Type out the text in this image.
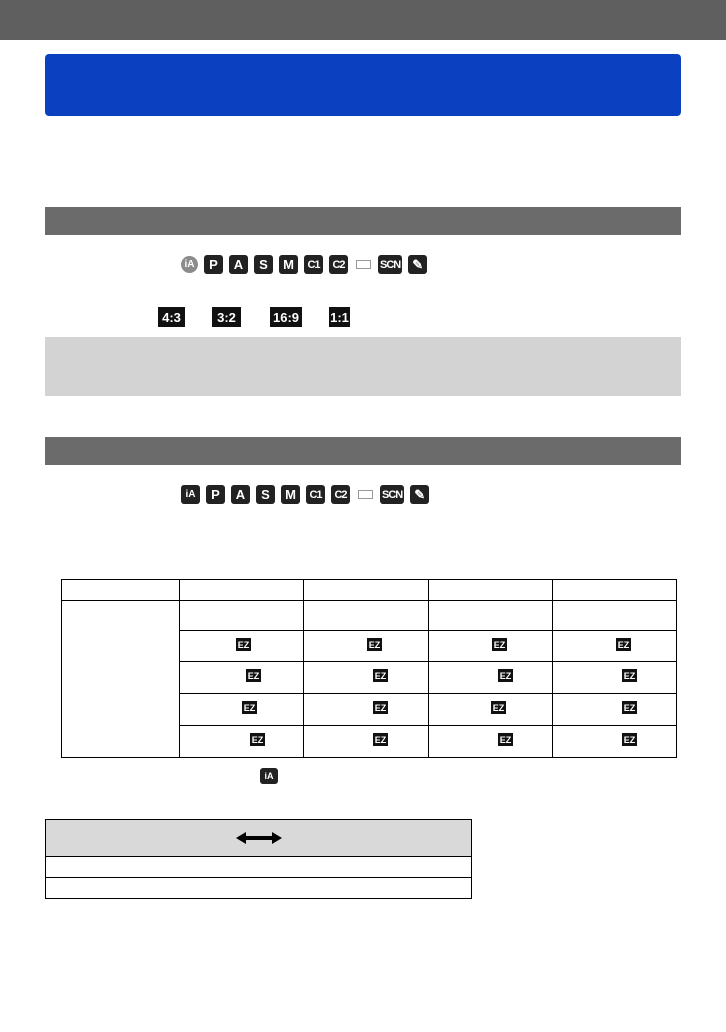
iA	P	A	S	M	C1	C2	SCN ✎
4:3	3:2	16:9 1:1
iA	P	A	S	M	C1	C2	SCN ✎

EZ	EZ	EZ	EZ

EZ	EZ	EZ	EZ

EZ	EZ	EZ	EZ

EZ	EZ	EZ	EZ
iA
